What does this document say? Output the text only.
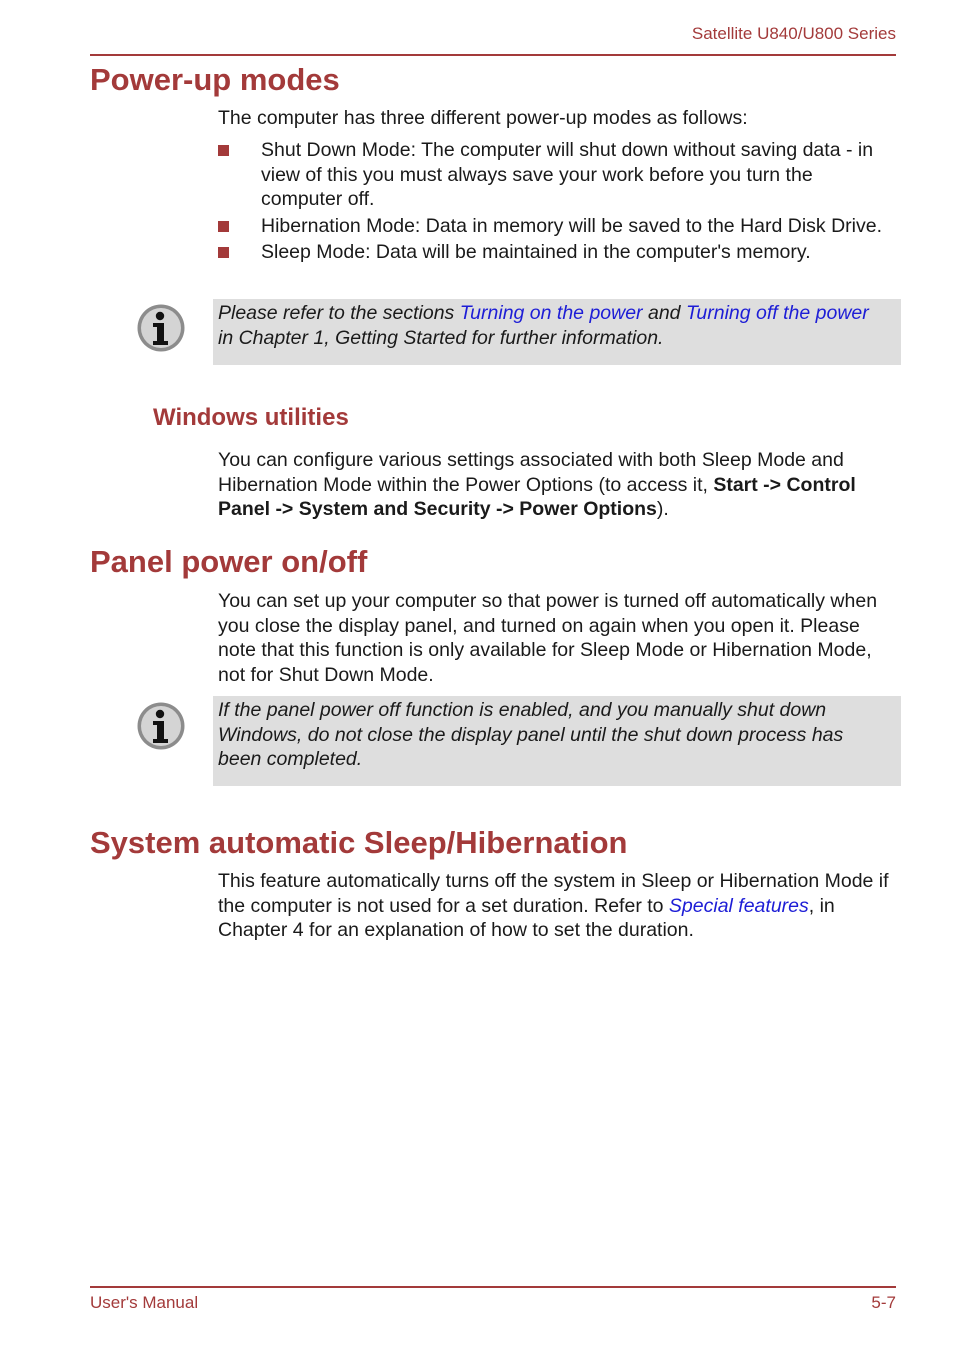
Satellite U840/U800 Series
Power-up modes

The computer has three different power-up modes as follows:

Shut Down Mode: The computer will shut down without saving data - in view of this you must always save your work before you turn the computer off.
Hibernation Mode: Data in memory will be saved to the Hard Disk Drive.
Sleep Mode: Data will be maintained in the computer's memory.
Please refer to the sections Turning on the power and Turning off the power in Chapter 1, Getting Started for further information.
Windows utilities

You can configure various settings associated with both Sleep Mode and Hibernation Mode within the Power Options (to access it, Start -> Control Panel -> System and Security -> Power Options).

Panel power on/off

You can set up your computer so that power is turned off automatically when you close the display panel, and turned on again when you open it. Please note that this function is only available for Sleep Mode or Hibernation Mode, not for Shut Down Mode.

If the panel power off function is enabled, and you manually shut down Windows, do not close the display panel until the shut down process has been completed.
System automatic Sleep/Hibernation

This feature automatically turns off the system in Sleep or Hibernation Mode if the computer is not used for a set duration. Refer to Special features, in Chapter 4 for an explanation of how to set the duration.

User's Manual	5-7
